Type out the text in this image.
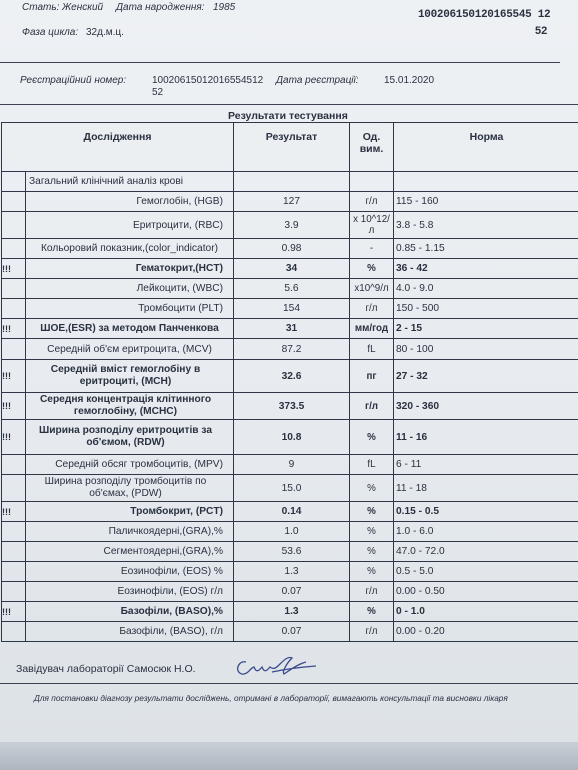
Стать: Женский Дата народження: 1985
100206150120165545 12
52
Фаза цикла: 32д.м.ц.
Реєстраційний номер:	10020615012016554512
52
Дата реєстрації:	15.01.2020
Результати тестування
Дослідження		Результат	Од. вим.	Норма
	Загальний клінічний аналіз крові			
	Гемоглобін, (HGB)	127	г/л	115 - 160
	Еритроцити, (RBC)	3.9	x 10^12/л	3.8 - 5.8
	Кольоровий показник,(color_indicator)	0.98	-	0.85 - 1.15
!!!	Гематокрит,(HCT)	34	%	36 - 42
	Лейкоцити, (WBC)	5.6	x10^9/л	4.0 - 9.0
	Тромбоцити (PLT)	154	г/л	150 - 500
!!!	ШОЕ,(ESR) за методом Панченкова	31	мм/год	2 - 15
	Середній об'єм еритроцита, (MCV)	87.2	fL	80 - 100
!!!	Середній вміст гемоглобіну в еритроциті, (MCH)	32.6	пг	27 - 32
!!!	Середня концентрація клітинного гемоглобіну, (MCHC)	373.5	г/л	320 - 360
!!!	Ширина розподілу еритроцитів за об'ємом, (RDW)	10.8	%	11 - 16
	Середній обсяг тромбоцитів, (MPV)	9	fL	6 - 11
	Ширина розподілу тромбоцитів по об'ємах, (PDW)	15.0	%	11 - 18
!!!	Тромбокрит, (PCT)	0.14	%	0.15 - 0.5
	Паличкоядерні,(GRA),%	1.0	%	1.0 - 6.0
	Сегментоядерні,(GRA),%	53.6	%	47.0 - 72.0
	Еозинофіли, (EOS) %	1.3	%	0.5 - 5.0
	Еозинофіли, (EOS) г/л	0.07	г/л	0.00 - 0.50
!!!	Базофіли, (BASO),%	1.3	%	0 - 1.0
	Базофіли, (BASO), г/л	0.07	г/л	0.00 - 0.20
Завідувач лабораторії Самосюк Н.О.
Для постановки діагнозу результати досліджень, отримані в лабораторії, вимагають консультації та висновки лікаря
